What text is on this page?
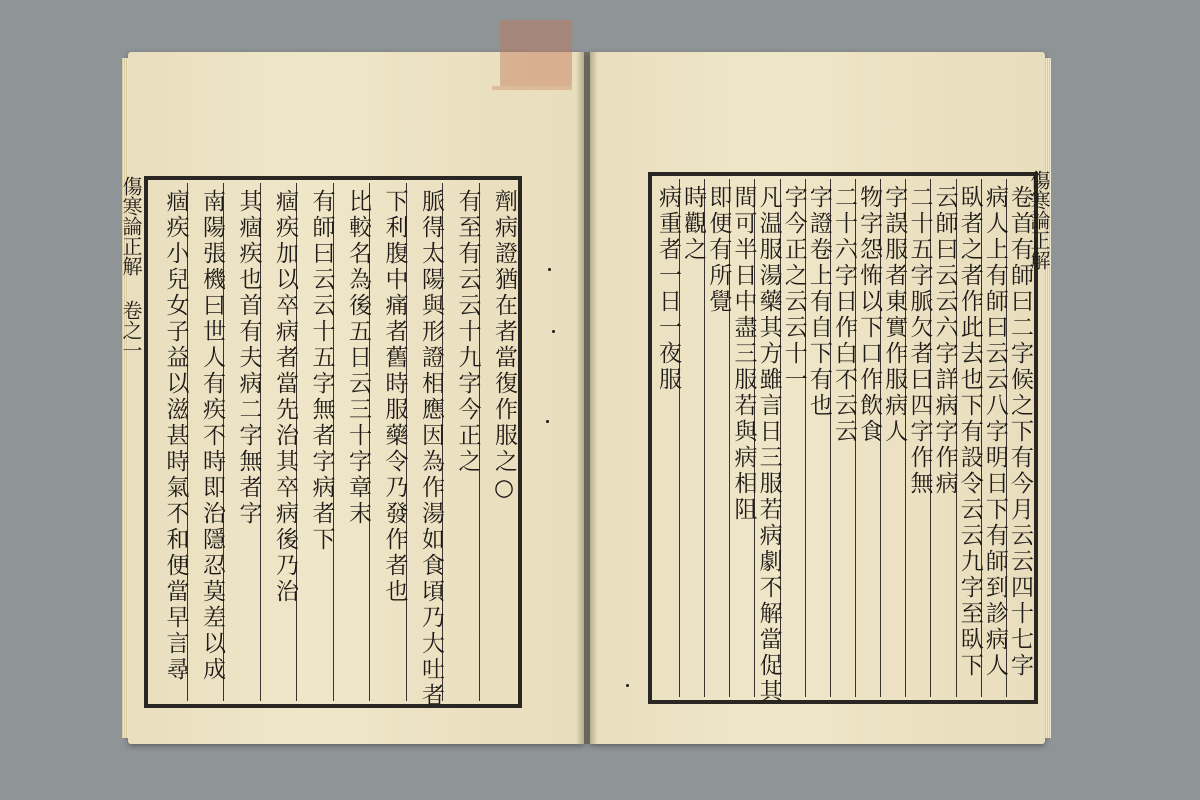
傷寒論正解 卷之一	劑病證猶在者當復作服之○
有至有云云十九字今正之
脈得太陽與形證相應因為作湯如食頃乃大吐者
下利腹中痛者舊時服藥令乃發作者也
比較名為後五日云三十字章末
有師曰云云十五字無者字病者下
痼疾加以卒病者當先治其卒病後乃治
其痼疾也首有夫病二字無者字
南陽張機曰世人有疾不時即治隱忍莫差以成
痼疾小兒女子益以滋甚時氣不和便當早言尋	卷首有師曰二字候之下有今月云云四十七字
病人上有師曰云云八字明日下有師到診病人
臥者之者作此去也下有設令云云九字至臥下
云師曰云云六字詳病字作病
二十五字脈欠者曰四字作無
字誤服者東實作服病人
物字怨怖以下口作飲食
二十六字日作白不云云
字證卷上有自下有也
字今正之云云十一
凡温服湯藥其方雖言日三服若病劇不解當促其
間可半日中盡三服若與病相阻
即便有所覺
時觀之
病重者一日一夜服	傷寒論正解
